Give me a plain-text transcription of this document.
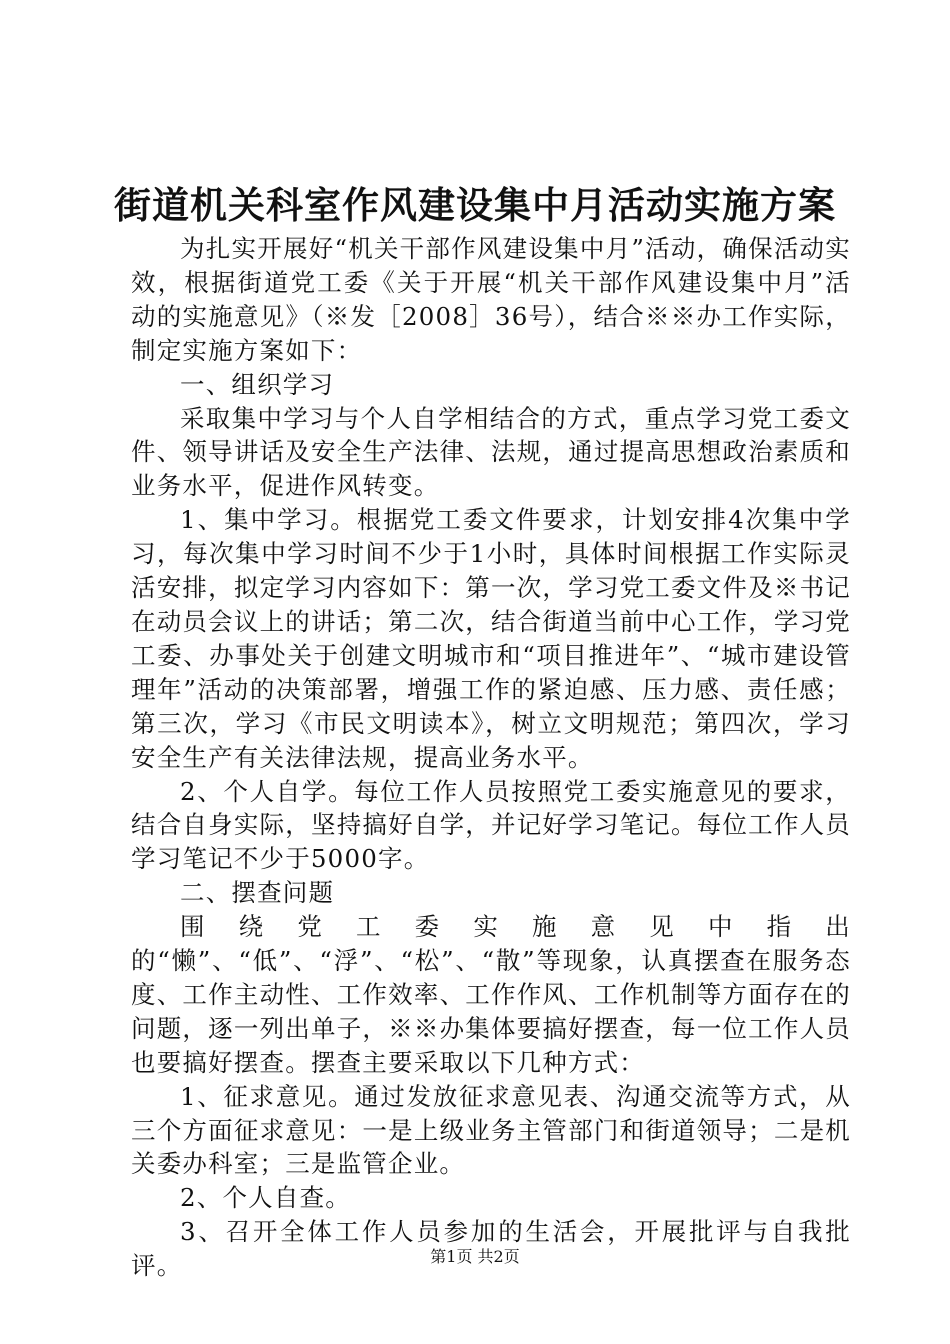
街道机关科室作风建设集中月活动实施方案

为扎实开展好“机关干部作风建设集中月”活动，确保活动实效，根据街道党工委《关于开展“机关干部作风建设集中月”活动的实施意见》（※发［2008］36号），结合※※办工作实际，制定实施方案如下：

一、组织学习

采取集中学习与个人自学相结合的方式，重点学习党工委文件、领导讲话及安全生产法律、法规，通过提高思想政治素质和业务水平，促进作风转变。

1、集中学习。根据党工委文件要求，计划安排4次集中学习，每次集中学习时间不少于1小时，具体时间根据工作实际灵活安排，拟定学习内容如下：第一次，学习党工委文件及※书记在动员会议上的讲话；第二次，结合街道当前中心工作，学习党工委、办事处关于创建文明城市和“项目推进年”、“城市建设管理年”活动的决策部署，增强工作的紧迫感、压力感、责任感；第三次，学习《市民文明读本》，树立文明规范；第四次，学习安全生产有关法律法规，提高业务水平。

2、个人自学。每位工作人员按照党工委实施意见的要求，结合自身实际，坚持搞好自学，并记好学习笔记。每位工作人员学习笔记不少于5000字。

二、摆查问题

围绕党工委实施意见中指出的“懒”、“低”、“浮”、“松”、“散”等现象，认真摆查在服务态度、工作主动性、工作效率、工作作风、工作机制等方面存在的问题，逐一列出单子，※※办集体要搞好摆查，每一位工作人员也要搞好摆查。摆查主要采取以下几种方式：

1、征求意见。通过发放征求意见表、沟通交流等方式，从三个方面征求意见：一是上级业务主管部门和街道领导；二是机关委办科室；三是监管企业。

2、个人自查。

3、召开全体工作人员参加的生活会，开展批评与自我批评。	第1页 共2页
